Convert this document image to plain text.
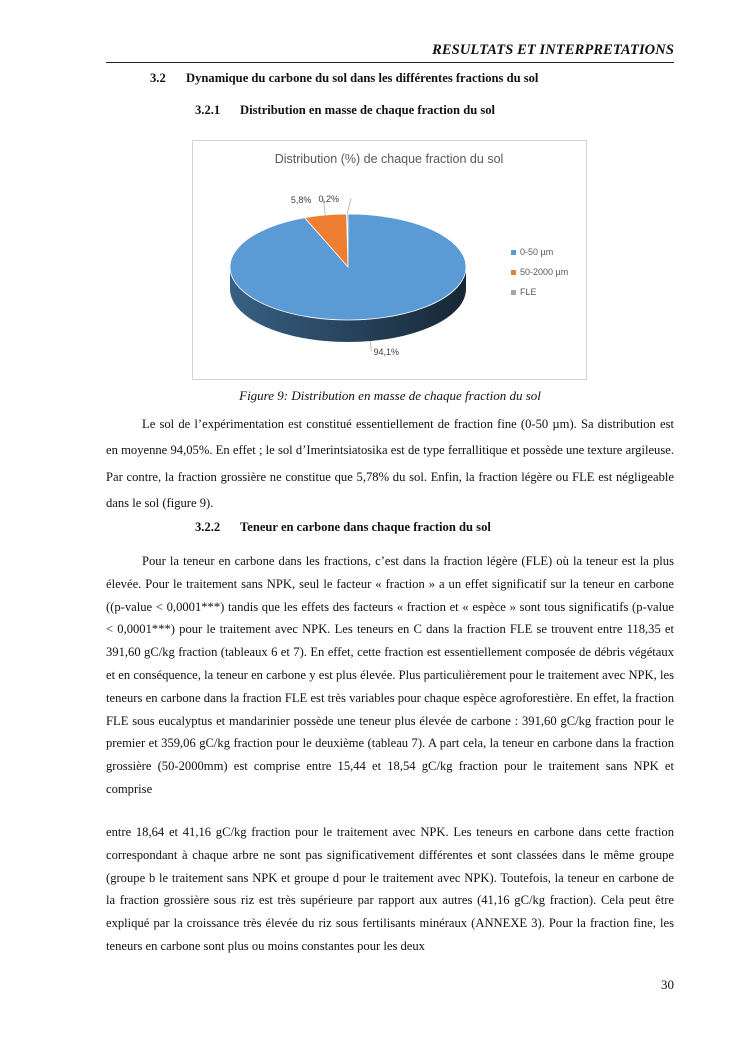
RESULTATS ET INTERPRETATIONS
3.2 Dynamique du carbone du sol dans les différentes fractions du sol
3.2.1 Distribution en masse de chaque fraction du sol
Distribution (%) de chaque fraction du sol
94,1%
5,8% 0,2%
0-50 µm
50-2000 µm
FLE
Figure 9: Distribution en masse de chaque fraction du sol

Le sol de l’expérimentation est constitué essentiellement de fraction fine (0-50 µm). Sa distribution est en moyenne 94,05%. En effet ; le sol d’Imerintsiatosika est de type ferrallitique et possède une texture argileuse. Par contre, la fraction grossière ne constitue que 5,78% du sol. Enfin, la fraction légère ou FLE est négligeable dans le sol (figure 9).

3.2.2 Teneur en carbone dans chaque fraction du sol

Pour la teneur en carbone dans les fractions, c’est dans la fraction légère (FLE) où la teneur est la plus élevée. Pour le traitement sans NPK, seul le facteur « fraction » a un effet significatif sur la teneur en carbone ((p-value < 0,0001***) tandis que les effets des facteurs « fraction et « espèce » sont tous significatifs (p-value < 0,0001***) pour le traitement avec NPK. Les teneurs en C dans la fraction FLE se trouvent entre 118,35 et 391,60 gC/kg fraction (tableaux 6 et 7). En effet, cette fraction est essentiellement composée de débris végétaux et en conséquence, la teneur en carbone y est plus élevée. Plus particulièrement pour le traitement avec NPK, les teneurs en carbone dans la fraction FLE est très variables pour chaque espèce agroforestière. En effet, la fraction FLE sous eucalyptus et mandarinier possède une teneur plus élevée de carbone : 391,60 gC/kg fraction pour le premier et 359,06 gC/kg fraction pour le deuxième (tableau 7). A part cela, la teneur en carbone dans la fraction grossière (50-2000mm) est comprise entre 15,44 et 18,54 gC/kg fraction pour le traitement sans NPK et comprise

entre 18,64 et 41,16 gC/kg fraction pour le traitement avec NPK. Les teneurs en carbone dans cette fraction correspondant à chaque arbre ne sont pas significativement différentes et sont classées dans le même groupe (groupe b le traitement sans NPK et groupe d pour le traitement avec NPK). Toutefois, la teneur en carbone de la fraction grossière sous riz est très supérieure par rapport aux autres (41,16 gC/kg fraction). Cela peut être expliqué par la croissance très élevée du riz sous fertilisants minéraux (ANNEXE 3). Pour la fraction fine, les teneurs en carbone sont plus ou moins constantes pour les deux

30
